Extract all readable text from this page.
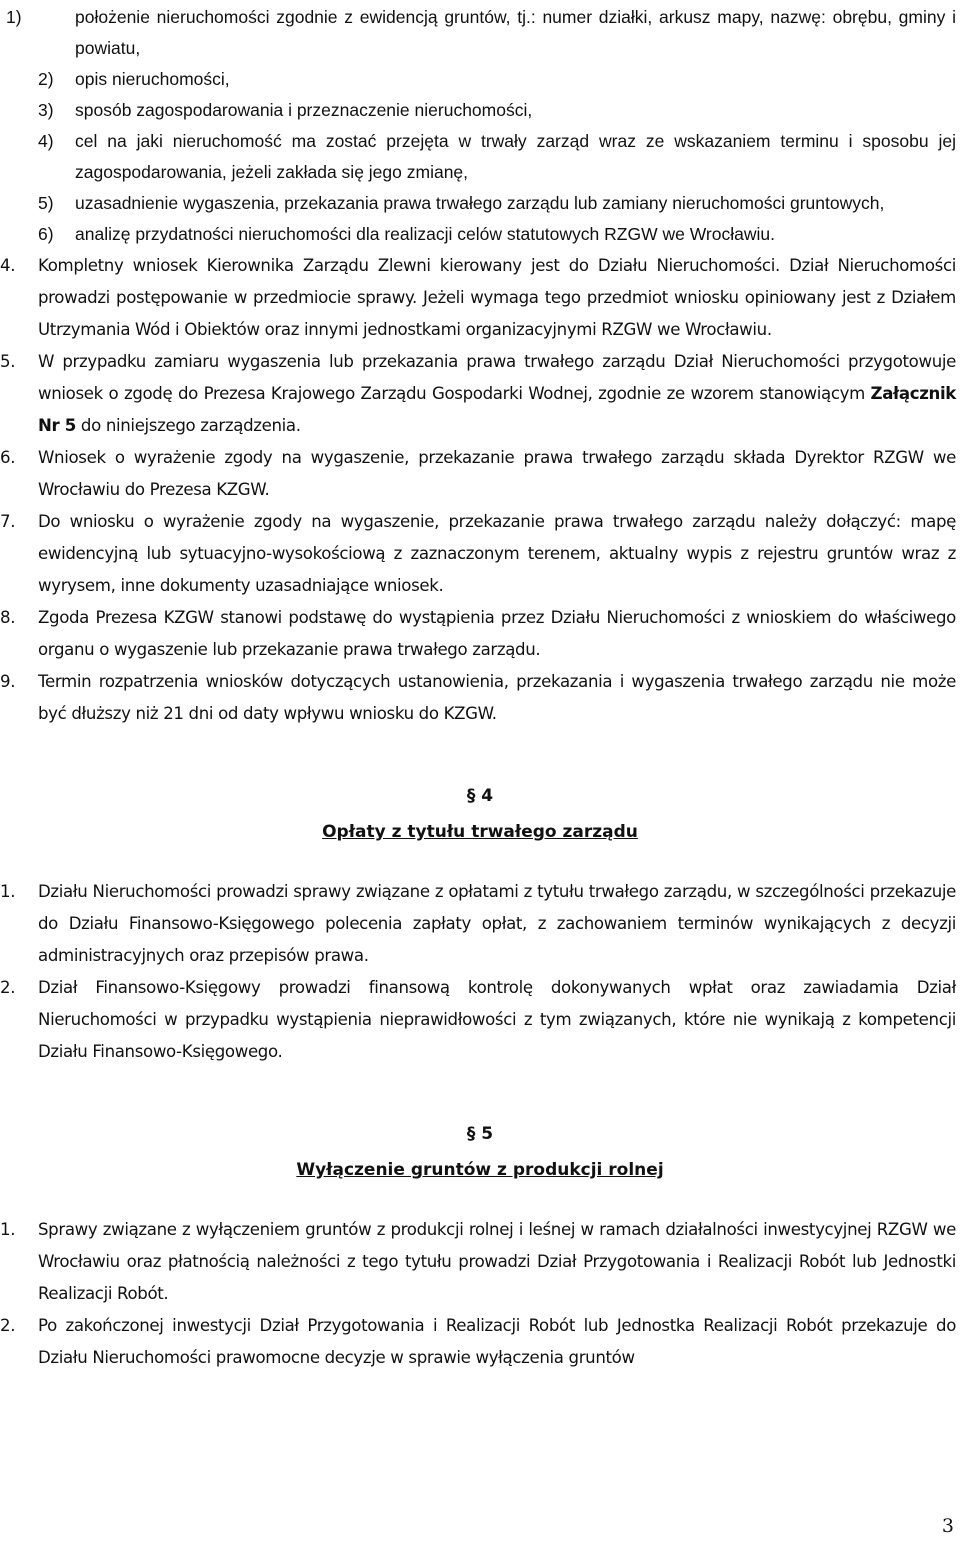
1)	położenie nieruchomości zgodnie z ewidencją gruntów, tj.: numer działki, arkusz mapy, nazwę: obrębu, gminy i powiatu,
2) opis nieruchomości,
3) sposób zagospodarowania i przeznaczenie nieruchomości,
4) cel na jaki nieruchomość ma zostać przejęta w trwały zarząd wraz ze wskazaniem terminu i sposobu jej zagospodarowania, jeżeli zakłada się jego zmianę,
5) uzasadnienie wygaszenia, przekazania prawa trwałego zarządu lub zamiany nieruchomości gruntowych,
6) analizę przydatności nieruchomości dla realizacji celów statutowych RZGW we Wrocławiu.
4. Kompletny wniosek Kierownika Zarządu Zlewni kierowany jest do Działu Nieruchomości. Dział Nieruchomości prowadzi postępowanie w przedmiocie sprawy. Jeżeli wymaga tego przedmiot wniosku opiniowany jest z Działem Utrzymania Wód i Obiektów oraz innymi jednostkami organizacyjnymi RZGW we Wrocławiu.
5. W przypadku zamiaru wygaszenia lub przekazania prawa trwałego zarządu Dział Nieruchomości przygotowuje wniosek o zgodę do Prezesa Krajowego Zarządu Gospodarki Wodnej, zgodnie ze wzorem stanowiącym Załącznik Nr 5 do niniejszego zarządzenia.
6. Wniosek o wyrażenie zgody na wygaszenie, przekazanie prawa trwałego zarządu składa Dyrektor RZGW we Wrocławiu do Prezesa KZGW.
7. Do wniosku o wyrażenie zgody na wygaszenie, przekazanie prawa trwałego zarządu należy dołączyć: mapę ewidencyjną lub sytuacyjno-wysokościową z zaznaczonym terenem, aktualny wypis z rejestru gruntów wraz z wyrysem, inne dokumenty uzasadniające wniosek.
8. Zgoda Prezesa KZGW stanowi podstawę do wystąpienia przez Działu Nieruchomości z wnioskiem do właściwego organu o wygaszenie lub przekazanie prawa trwałego zarządu.
9. Termin rozpatrzenia wniosków dotyczących ustanowienia, przekazania i wygaszenia trwałego zarządu nie może być dłuższy niż 21 dni od daty wpływu wniosku do KZGW.
§ 4
Opłaty z tytułu trwałego zarządu
1. Działu Nieruchomości prowadzi sprawy związane z opłatami z tytułu trwałego zarządu, w szczególności przekazuje do Działu Finansowo-Księgowego polecenia zapłaty opłat, z zachowaniem terminów wynikających z decyzji administracyjnych oraz przepisów prawa.
2. Dział Finansowo-Księgowy prowadzi finansową kontrolę dokonywanych wpłat oraz zawiadamia Dział Nieruchomości w przypadku wystąpienia nieprawidłowości z tym związanych, które nie wynikają z kompetencji Działu Finansowo-Księgowego.
§ 5
Wyłączenie gruntów z produkcji rolnej
1. Sprawy związane z wyłączeniem gruntów z produkcji rolnej i leśnej w ramach działalności inwestycyjnej RZGW we Wrocławiu oraz płatnością należności z tego tytułu prowadzi Dział Przygotowania i Realizacji Robót lub Jednostki Realizacji Robót.
2. Po zakończonej inwestycji Dział Przygotowania i Realizacji Robót lub Jednostka Realizacji Robót przekazuje do Działu Nieruchomości prawomocne decyzje w sprawie wyłączenia gruntów
3
